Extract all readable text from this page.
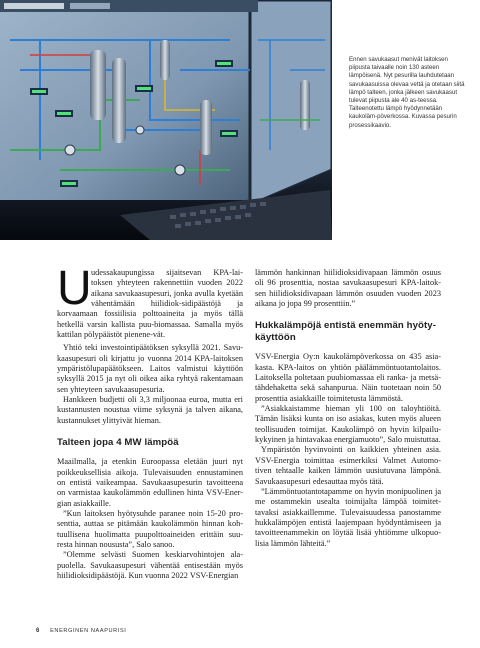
Ennen savukaasut menivät laitoksen piipusta taivaalle noin 130 asteen lämpöisenä. Nyt pesurilla lauhdutetaan savukaasuissa olevaa vettä ja otetaan siitä lämpö talteen, jonka jälkeen savukaasut tulevat piipusta ale 40 as-teessa. Talteenotettu lämpö hyödynnetään kaukoläm-pöverkossa. Kuvassa pesurin prosessikaavio.
U udessakaupungissa sijaitsevan KPA-lai-toksen yhteyteen rakennettiin vuoden 2022 aikana savukaasupesuri, jonka avulla kyetään vähentämään hiilidiok-sidipäästöjä ja korvaamaan fossiilisia polttoaineita ja myös tällä hetkellä varsin kallista puu-biomassaa. Samalla myös kattilan pölypäästöt pienene-vät.

Yhtiö teki investointipäätöksen syksyllä 2021. Savu-kaasupesuri oli kirjattu jo vuonna 2014 KPA-laitoksen ympäristölupapäätökseen. Laitos valmistui käyttöön syksyllä 2015 ja nyt oli oikea aika ryhtyä rakentamaan sen yhteyteen savukaasupesuria.

Hankkeen budjetti oli 3,3 miljoonaa euroa, mutta eri kustannusten noustua viime syksynä ja talven aikana, kustannukset ylittyivät hieman.

Talteen jopa 4 MW lämpöä

Maailmalla, ja etenkin Euroopassa eletään juuri nyt poikkeuksellisia aikoja. Tulevaisuuden ennustaminen on entistä vaikeampaa. Savukaasupesurin tavoitteena on varmistaa kaukolämmön edullinen hinta VSV-Ener-gian asiakkaille.

”Kun laitoksen hyötysuhde paranee noin 15-20 pro-senttia, auttaa se pitämään kaukolämmön hinnan koh-tuullisena huolimatta puupolttoaineiden erittäin suu-resta hinnan noususta”, Salo sanoo.

”Olemme selvästi Suomen keskiarvohintojen ala-puolella. Savukaasupesuri vähentää entisestään myös hiilidioksidipäästöjä. Kun vuonna 2022 VSV-Energian

lämmön hankinnan hiilidioksidivapaan lämmön osuus oli 96 prosenttia, nostaa savukaasupesuri KPA-laitok-sen hiilidioksidivapaan lämmön osuuden vuoden 2023 aikana jo jopa 99 prosenttiin.”

Hukkalämpöjä entistä enemmän hyöty-käyttöön

VSV-Energia Oy:n kaukolämpöverkossa on 435 asia-kasta. KPA-laitos on yhtiön päälämmöntuotantolaitos. Laitoksella poltetaan puubiomassaa eli ranka- ja metsä-tähdehaketta sekä sahanpurua. Näin tuotetaan noin 50 prosenttia asiakkaille toimitetusta lämmöstä.

”Asiakkaistamme hieman yli 100 on taloyhtiöitä. Tämän lisäksi kunta on iso asiakas, kuten myös alueen teollisuuden toimijat. Kaukolämpö on hyvin kilpailu-kykyinen ja hintavakaa energiamuoto”, Salo muistuttaa.

Ympäristön hyvinvointi on kaikkien yhteinen asia. VSV-Energia toimittaa esimerkiksi Valmet Automo-tiven tehtaalle kaiken lämmön uusiutuvana lämpönä. Savukaasupesuri edesauttaa myös tätä.

”Lämmöntuotantotapamme on hyvin monipuolinen ja me ostammekin usealta toimijalta lämpöä toimitet-tavaksi asiakkaillemme. Tulevaisuudessa panostamme hukkalämpöjen entistä laajempaan hyödyntämiseen ja tavoitteenammekin on löytää lisää yhtiömme ulkopuo-lisia lämmön lähteitä.”

6 ENERGINEN NAAPURISI
